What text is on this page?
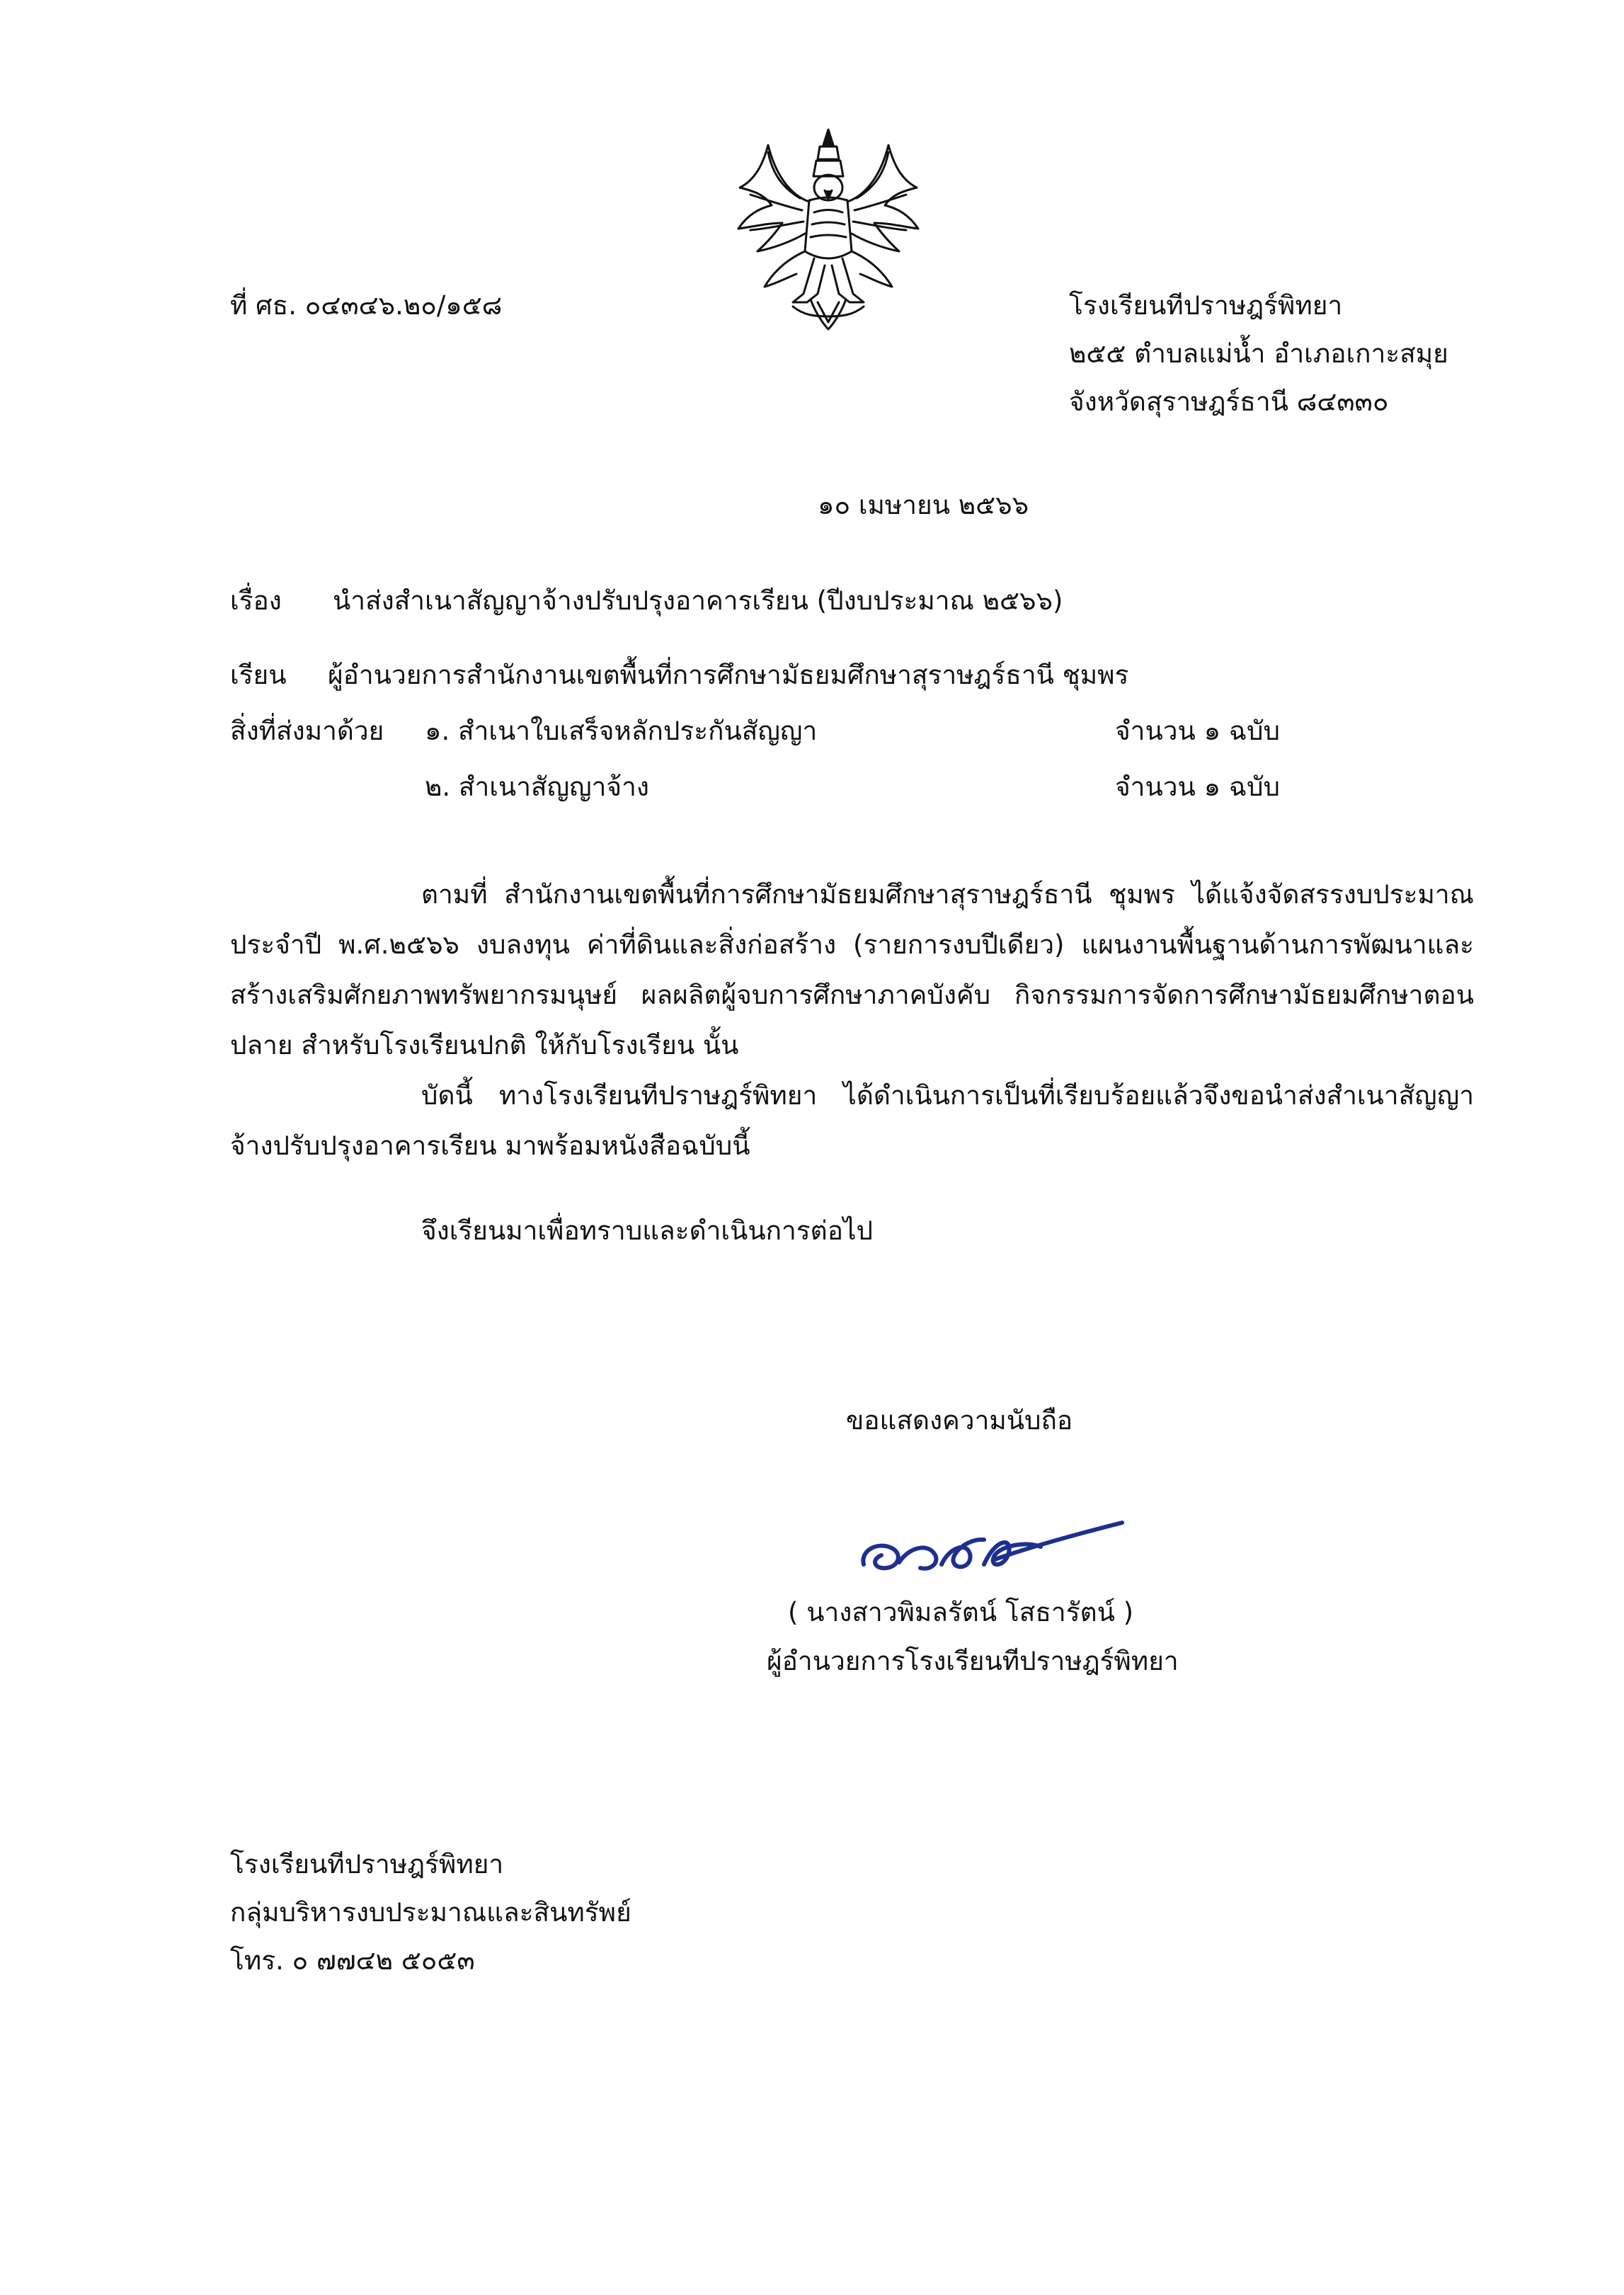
ที่ ศธ. ๐๔๓๔๖.๒๐/๑๕๘	โรงเรียนทีปราษฎร์พิทยา
๒๕๕ ตำบลแม่น้ำ อำเภอเกาะสมุย
จังหวัดสุราษฎร์ธานี ๘๔๓๓๐
๑๐ เมษายน ๒๕๖๖
เรื่อง นำส่งสำเนาสัญญาจ้างปรับปรุงอาคารเรียน (ปีงบประมาณ ๒๕๖๖)
เรียน ผู้อำนวยการสำนักงานเขตพื้นที่การศึกษามัธยมศึกษาสุราษฎร์ธานี ชุมพร
สิ่งที่ส่งมาด้วย ๑. สำเนาใบเสร็จหลักประกันสัญญา	จำนวน ๑ ฉบับ
๒. สำเนาสัญญาจ้าง	จำนวน ๑ ฉบับ
ตามที่ สำนักงานเขตพื้นที่การศึกษามัธยมศึกษาสุราษฎร์ธานี ชุมพร ได้แจ้งจัดสรรงบประมาณประจำปี พ.ศ.๒๕๖๖ งบลงทุน ค่าที่ดินและสิ่งก่อสร้าง (รายการงบปีเดียว) แผนงานพื้นฐานด้านการพัฒนาและสร้างเสริมศักยภาพทรัพยากรมนุษย์ ผลผลิตผู้จบการศึกษาภาคบังคับ กิจกรรมการจัดการศึกษามัธยมศึกษาตอนปลาย สำหรับโรงเรียนปกติ ให้กับโรงเรียน นั้น
บัดนี้ ทางโรงเรียนทีปราษฎร์พิทยา ได้ดำเนินการเป็นที่เรียบร้อยแล้วจึงขอนำส่งสำเนาสัญญาจ้างปรับปรุงอาคารเรียน มาพร้อมหนังสือฉบับนี้
จึงเรียนมาเพื่อทราบและดำเนินการต่อไป
ขอแสดงความนับถือ
( นางสาวพิมลรัตน์ โสธารัตน์ )
ผู้อำนวยการโรงเรียนทีปราษฎร์พิทยา
โรงเรียนทีปราษฎร์พิทยา
กลุ่มบริหารงบประมาณและสินทรัพย์
โทร. ๐ ๗๗๔๒ ๕๐๕๓
